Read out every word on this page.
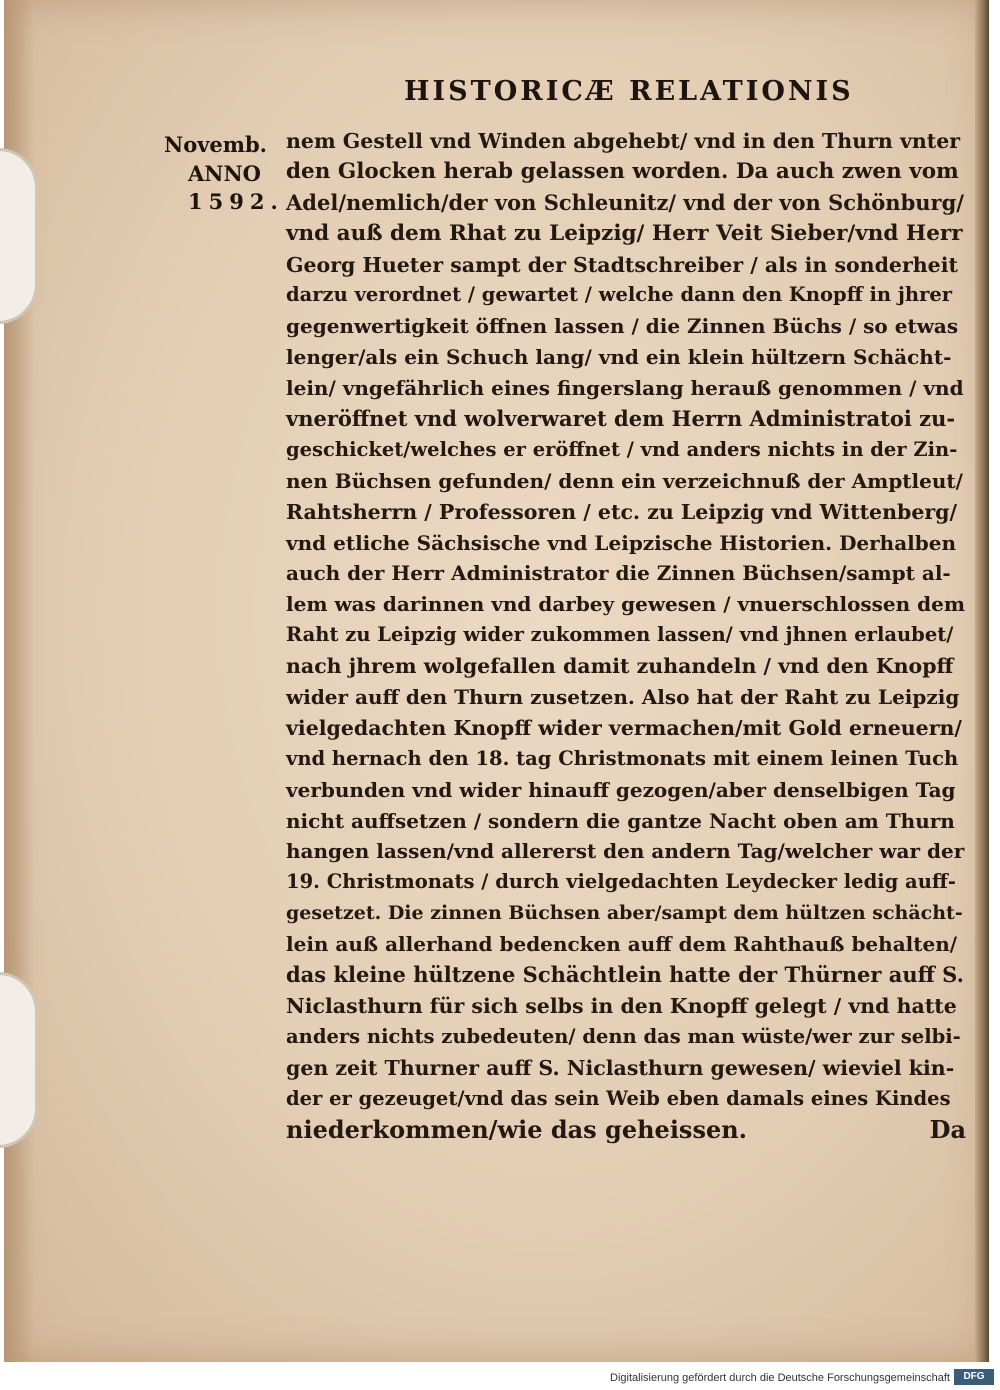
HISTORICÆ RELATIONIS
Novemb.
ANNO
1592.
nem Gestell vnd Winden abgehebt/ vnd in den Thurn vnter
den Glocken herab gelassen worden. Da auch zwen vom
Adel/nemlich/der von Schleunitz/ vnd der von Schönburg/
vnd auß dem Rhat zu Leipzig/ Herr Veit Sieber/vnd Herr
Georg Hueter sampt der Stadtschreiber / als in sonderheit
darzu verordnet / gewartet / welche dann den Knopff in jhrer
gegenwertigkeit öffnen lassen / die Zinnen Büchs / so etwas
lenger/als ein Schuch lang/ vnd ein klein hültzern Schächt-
lein/ vngefährlich eines fingerslang herauß genommen / vnd
vneröffnet vnd wolverwaret dem Herrn Administratoi zu-
geschicket/welches er eröffnet / vnd anders nichts in der Zin-
nen Büchsen gefunden/ denn ein verzeichnuß der Amptleut/
Rahtsherrn / Professoren / etc. zu Leipzig vnd Wittenberg/
vnd etliche Sächsische vnd Leipzische Historien. Derhalben
auch der Herr Administrator die Zinnen Büchsen/sampt al-
lem was darinnen vnd darbey gewesen / vnuerschlossen dem
Raht zu Leipzig wider zukommen lassen/ vnd jhnen erlaubet/
nach jhrem wolgefallen damit zuhandeln / vnd den Knopff
wider auff den Thurn zusetzen. Also hat der Raht zu Leipzig
vielgedachten Knopff wider vermachen/mit Gold erneuern/
vnd hernach den 18. tag Christmonats mit einem leinen Tuch
verbunden vnd wider hinauff gezogen/aber denselbigen Tag
nicht auffsetzen / sondern die gantze Nacht oben am Thurn
hangen lassen/vnd allererst den andern Tag/welcher war der
19. Christmonats / durch vielgedachten Leydecker ledig auff-
gesetzet. Die zinnen Büchsen aber/sampt dem hültzen schächt-
lein auß allerhand bedencken auff dem Rahthauß behalten/
das kleine hültzene Schächtlein hatte der Thürner auff S.
Niclasthurn für sich selbs in den Knopff gelegt / vnd hatte
anders nichts zubedeuten/ denn das man wüste/wer zur selbi-
gen zeit Thurner auff S. Niclasthurn gewesen/ wieviel kin-
der er gezeuget/vnd das sein Weib eben damals eines Kindes
niederkommen/wie das geheissen.	Da
Digitalisierung gefördert durch die Deutsche Forschungsgemeinschaft	DFG
